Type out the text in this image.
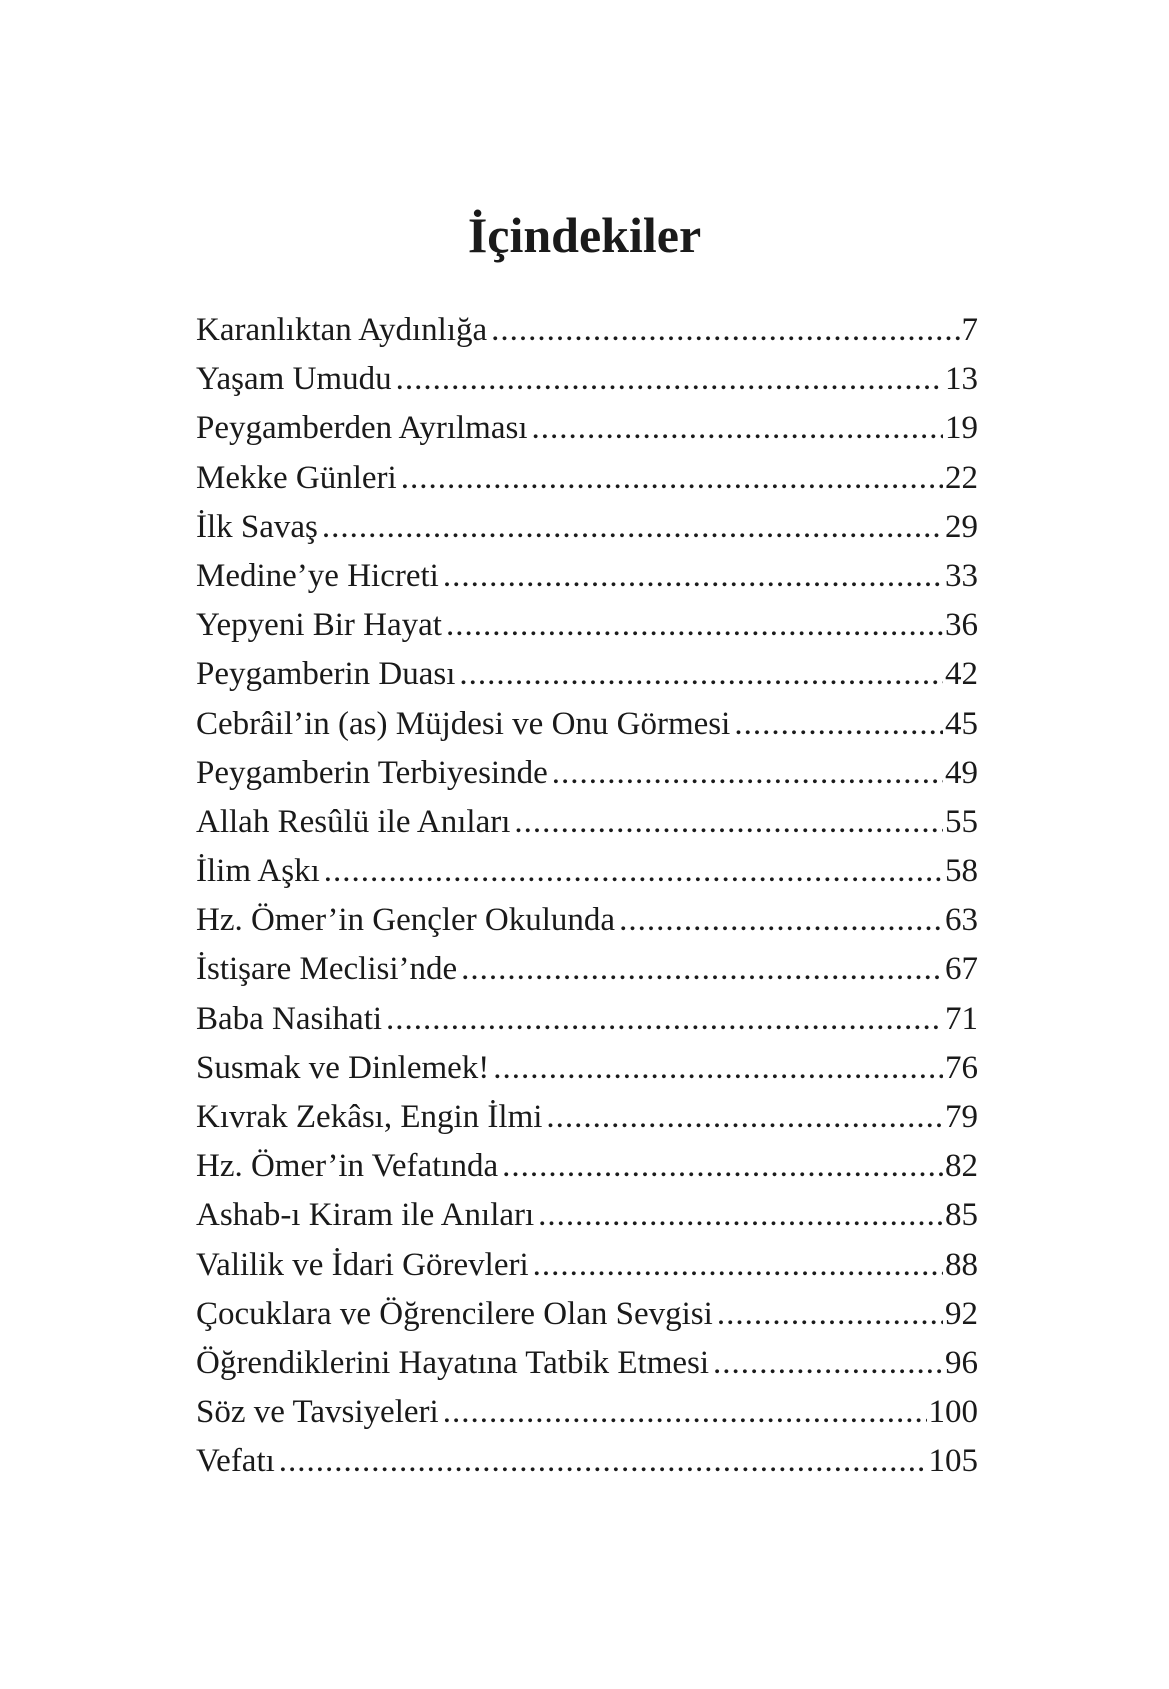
İçindekiler
Karanlıktan Aydınlığa .....	7
Yaşam Umudu .....	13
Peygamberden Ayrılması .....	19
Mekke Günleri .....	22
İlk Savaş .....	29
Medine’ye Hicreti .....	33
Yepyeni Bir Hayat .....	36
Peygamberin Duası .....	42
Cebrâil’in (as) Müjdesi ve Onu Görmesi .....	45
Peygamberin Terbiyesinde .....	49
Allah Resûlü ile Anıları .....	55
İlim Aşkı .....	58
Hz. Ömer’in Gençler Okulunda .....	63
İstişare Meclisi’nde .....	67
Baba Nasihati .....	71
Susmak ve Dinlemek! .....	76
Kıvrak Zekâsı, Engin İlmi .....	79
Hz. Ömer’in Vefatında .....	82
Ashab-ı Kiram ile Anıları .....	85
Valilik ve İdari Görevleri .....	88
Çocuklara ve Öğrencilere Olan Sevgisi .....	92
Öğrendiklerini Hayatına Tatbik Etmesi .....	96
Söz ve Tavsiyeleri .....	100
Vefatı .....	105
